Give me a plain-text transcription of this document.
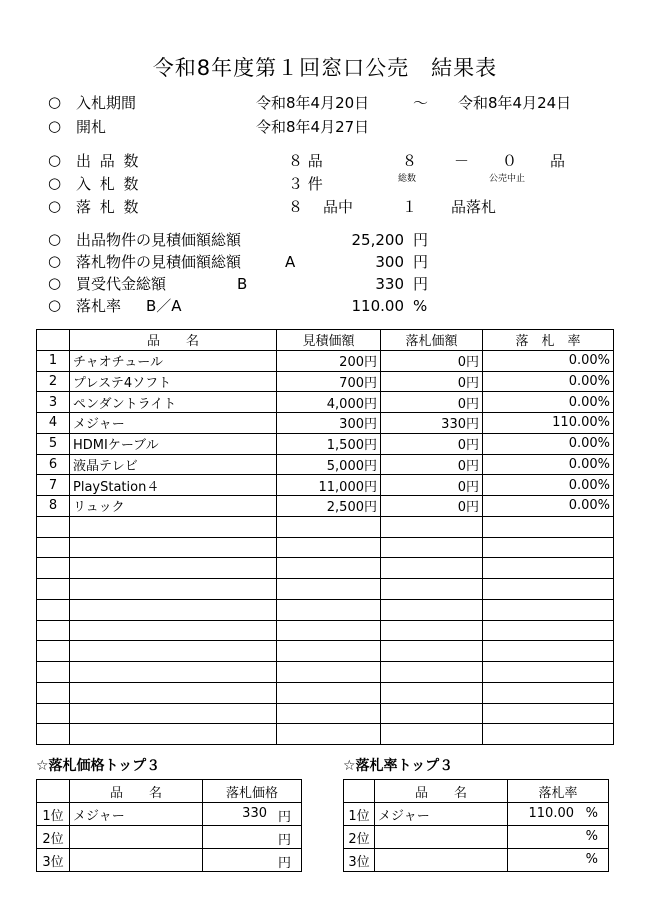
令和8年度第１回窓口公売　結果表
○
○
○
○
○
○
○
○
○
入札期間	令和8年4月20日	～ 令和8年4月24日
開札	令和8年4月27日
出 品 数	８ 品	８ － ０ 品
総数	公売中止
入 札 数	３ 件
落 札 数	８ 品中	１ 品落札
出品物件の見積価額総額	25,200 円
落札物件の見積価額総額	A	300 円
買受代金総額	B	330 円
落札率 B／A	110.00 %
	品　　名	見積価額	落札価額	落　札　率
1	チャオチュール	200円	0円	0.00%
2	プレステ4ソフト	700円	0円	0.00%
3	ペンダントライト	4,000円	0円	0.00%
4	メジャー	300円	330円	110.00%
5	HDMIケーブル	1,500円	0円	0.00%
6	液晶テレビ	5,000円	0円	0.00%
7	PlayStation４	11,000円	0円	0.00%
8	リュック	2,500円	0円	0.00%

☆落札価格トップ３
	品　　名	落札価格
1位	メジャー	330 円

2位		円

3位		円
☆落札率トップ３
	品　　名	落札率
1位	メジャー	110.00 %

2位		%

3位		%
